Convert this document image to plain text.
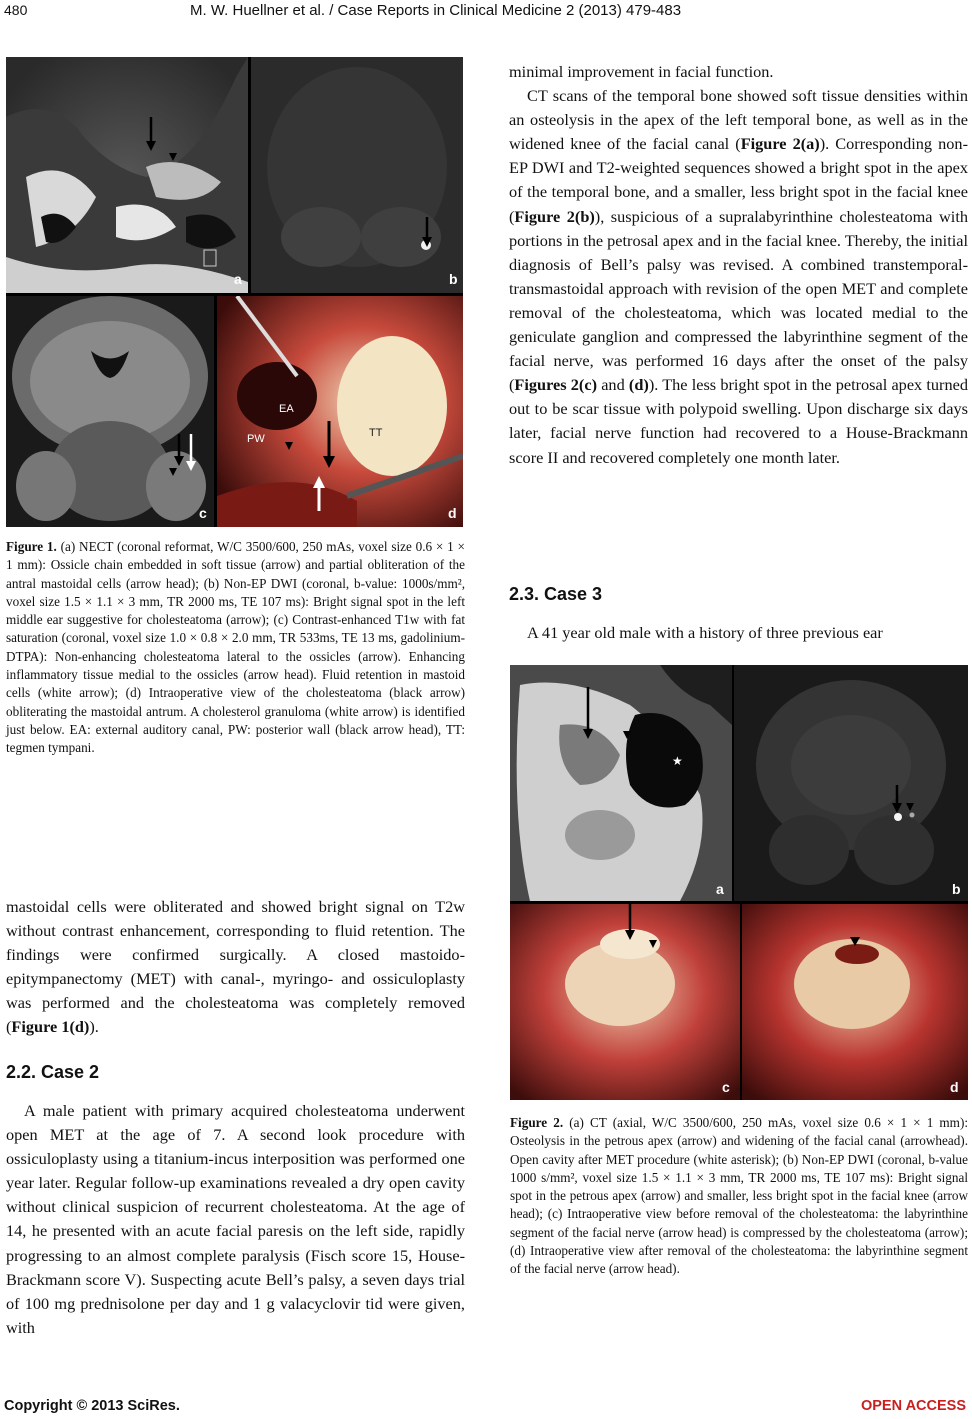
480	M. W. Huellner et al. / Case Reports in Clinical Medicine 2 (2013) 479-483
a	b
c
EA
PW	TT
d
Figure 1. (a) NECT (coronal reformat, W/C 3500/600, 250 mAs, voxel size 0.6 × 1 × 1 mm): Ossicle chain embedded in soft tissue (arrow) and partial obliteration of the antral mastoidal cells (arrow head); (b) Non-EP DWI (coronal, b-value: 1000s/mm², voxel size 1.5 × 1.1 × 3 mm, TR 2000 ms, TE 107 ms): Bright signal spot in the left middle ear suggestive for cholesteatoma (arrow); (c) Contrast-enhanced T1w with fat saturation (coronal, voxel size 1.0 × 0.8 × 2.0 mm, TR 533ms, TE 13 ms, gadolinium-DTPA): Non-enhancing cholesteatoma lateral to the ossicles (arrow). Enhancing inflammatory tissue medial to the ossicles (arrow head). Fluid retention in mastoid cells (white arrow); (d) Intraoperative view of the cholesteatoma (black arrow) obliterating the mastoidal antrum. A cholesterol granuloma (white arrow) is identified just below. EA: external auditory canal, PW: posterior wall (black arrow head), TT: tegmen tympani.

mastoidal cells were obliterated and showed bright signal on T2w without contrast enhancement, corresponding to fluid retention. The findings were confirmed surgically. A closed mastoido-epitympanectomy (MET) with canal-, myringo- and ossiculoplasty was performed and the cholesteatoma was completely removed (Figure 1(d)).

2.2. Case 2

A male patient with primary acquired cholesteatoma underwent open MET at the age of 7. A second look procedure with ossiculoplasty using a titanium-incus interposition was performed one year later. Regular follow-up examinations revealed a dry open cavity without clinical suspicion of recurrent cholesteatoma. At the age of 14, he presented with an acute facial paresis on the left side, rapidly progressing to an almost complete paralysis (Fisch score 15, House-Brackmann score V). Suspecting acute Bell’s palsy, a seven days trial of 100 mg prednisolone per day and 1 g valacyclovir tid were given, with

minimal improvement in facial function.

CT scans of the temporal bone showed soft tissue densities within an osteolysis in the apex of the left temporal bone, as well as in the widened knee of the facial canal (Figure 2(a)). Corresponding non-EP DWI and T2-weighted sequences showed a bright spot in the apex of the temporal bone, and a smaller, less bright spot in the facial knee (Figure 2(b)), suspicious of a supralabyrinthine cholesteatoma with portions in the petrosal apex and in the facial knee. Thereby, the initial diagnosis of Bell’s palsy was revised. A combined transtemporal-transmastoidal approach with revision of the open MET and complete removal of the cholesteatoma, which was located medial to the geniculate ganglion and compressed the labyrinthine segment of the facial nerve, was performed 16 days after the onset of the palsy (Figures 2(c) and (d)). The less bright spot in the petrosal apex turned out to be scar tissue with polypoid swelling. Upon discharge six days later, facial nerve function had recovered to a House-Brackmann score II and recovered completely one month later.

2.3. Case 3

A 41 year old male with a history of three previous ear

★
a	b
c	d
Figure 2. (a) CT (axial, W/C 3500/600, 250 mAs, voxel size 0.6 × 1 × 1 mm): Osteolysis in the petrous apex (arrow) and widening of the facial canal (arrowhead). Open cavity after MET procedure (white asterisk); (b) Non-EP DWI (coronal, b-value 1000 s/mm², voxel size 1.5 × 1.1 × 3 mm, TR 2000 ms, TE 107 ms): Bright signal spot in the petrous apex (arrow) and smaller, less bright spot in the facial knee (arrow head); (c) Intraoperative view before removal of the cholesteatoma: the labyrinthine segment of the facial nerve (arrow head) is compressed by the cholesteatoma (arrow); (d) Intraoperative view after removal of the cholesteatoma: the labyrinthine segment of the facial nerve (arrow head).
Copyright © 2013 SciRes.	OPEN ACCESS
